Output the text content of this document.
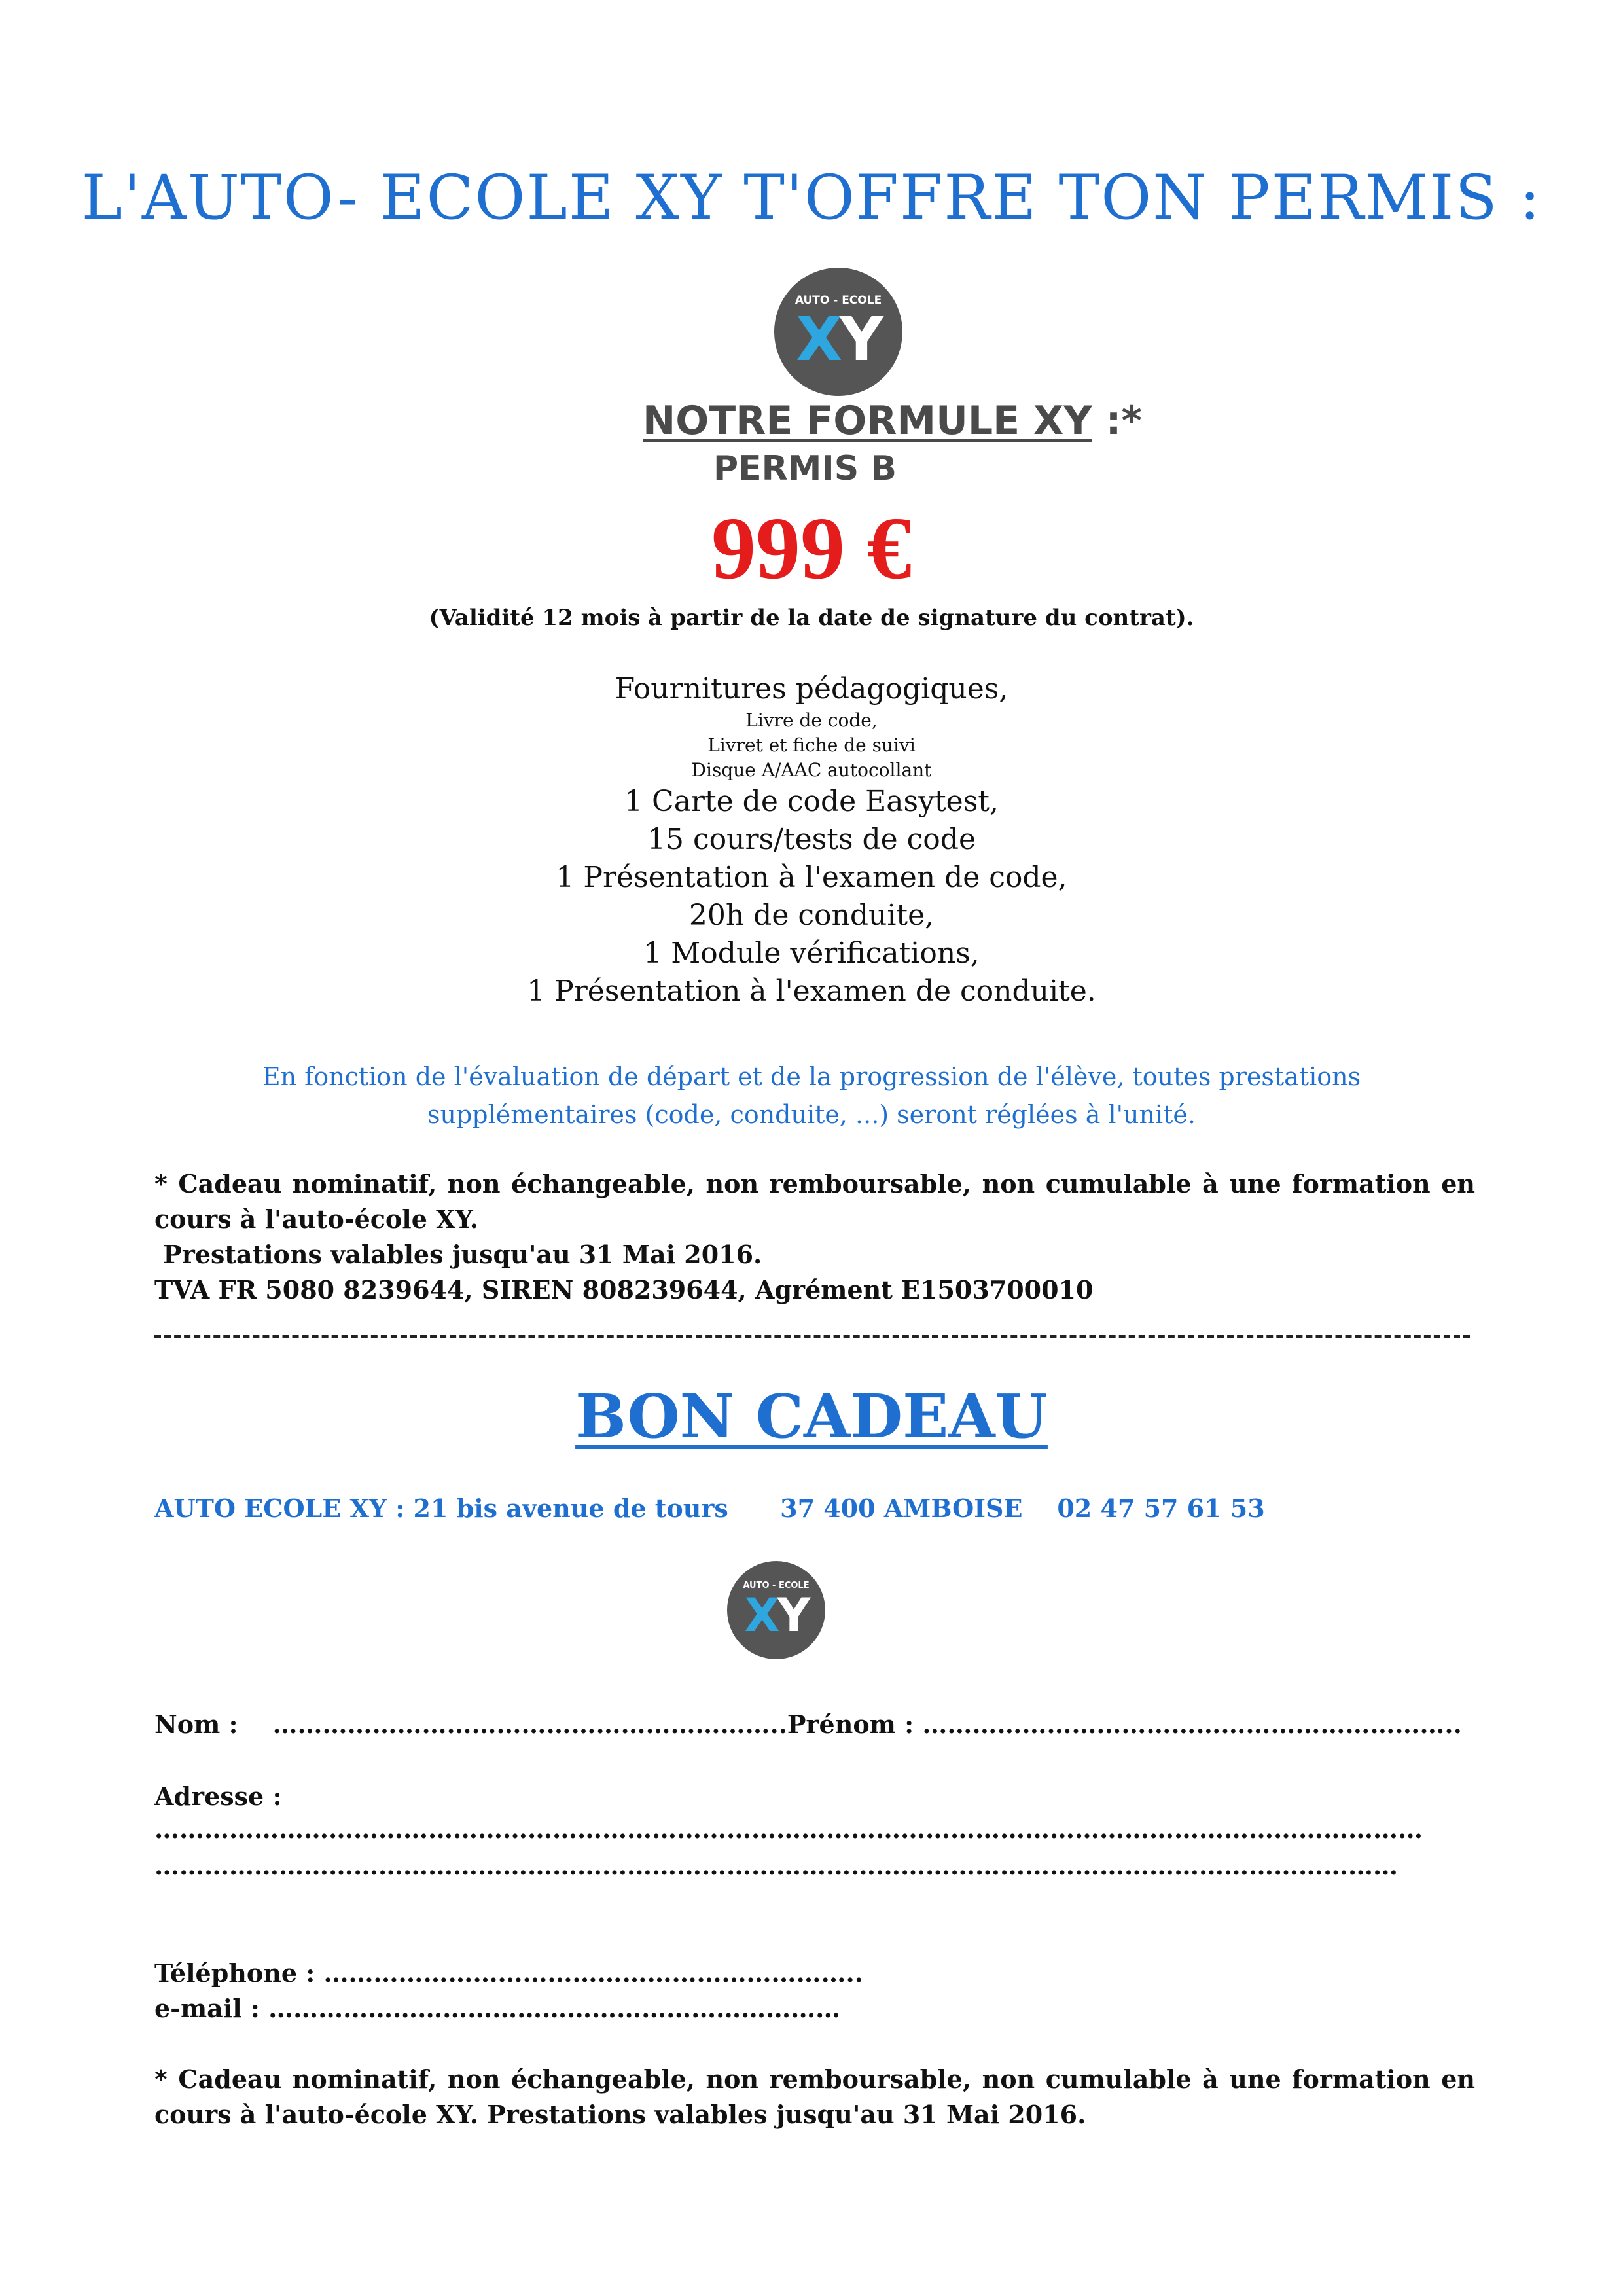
L'AUTO- ECOLE XY T'OFFRE TON PERMIS :
AUTO - ECOLE
XY
NOTRE FORMULE XY :*
PERMIS B
999 €
(Validité 12 mois à partir de la date de signature du contrat).
Fournitures pédagogiques,
Livre de code,
Livret et fiche de suivi
Disque A/AAC autocollant
1 Carte de code Easytest,
15 cours/tests de code
1 Présentation à l'examen de code,
20h de conduite,
1 Module vérifications,
1 Présentation à l'examen de conduite.
En fonction de l'évaluation de départ et de la progression de l'élève, toutes prestations
supplémentaires (code, conduite, ...) seront réglées à l'unité.
* Cadeau nominatif, non échangeable, non remboursable, non cumulable à une formation en
cours à l'auto-école XY.
Prestations valables jusqu'au 31 Mai 2016.
TVA FR 5080 8239644, SIREN 808239644, Agrément E1503700010
BON CADEAU
AUTO ECOLE XY : 21 bis avenue de tours      37 400 AMBOISE    02 47 57 61 53
AUTO - ECOLE
XY
Nom :    ……………………………………………………..Prénom : ………………………………………………………..
Adresse :
………………………………………………………………………………………………………………………………………
……………………………………………………………………………………………………………………………………
Téléphone : ………………………………………………………..
e-mail : ……………………………………………………………
* Cadeau nominatif, non échangeable, non remboursable, non cumulable à une formation en
cours à l'auto-école XY. Prestations valables jusqu'au 31 Mai 2016.
